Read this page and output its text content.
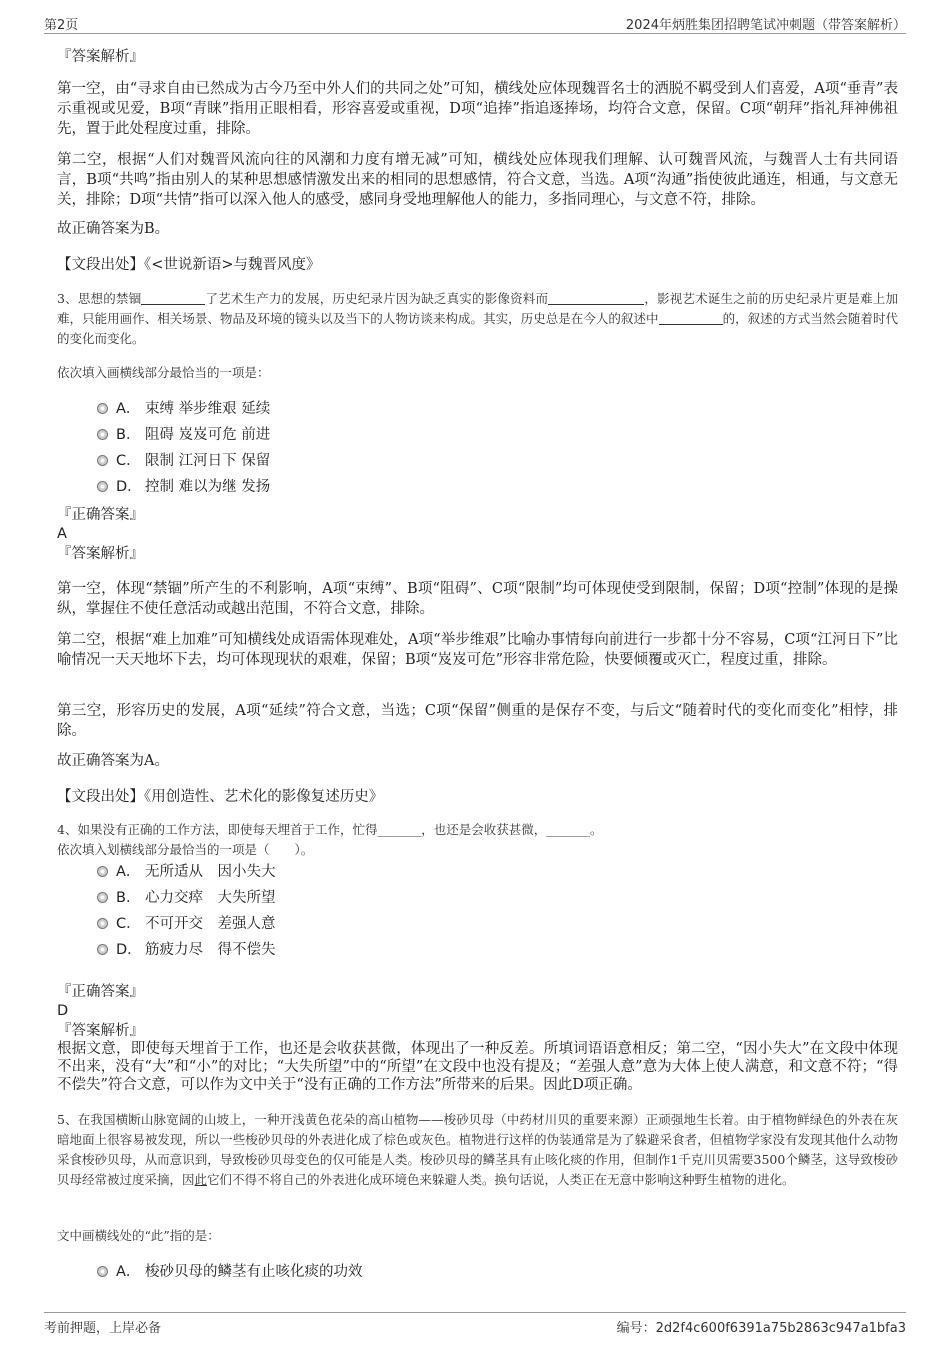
第2页	2024年炳胜集团招聘笔试冲刺题（带答案解析）
『答案解析』
第一空，由“寻求自由已然成为古今乃至中外人们的共同之处”可知，横线处应体现魏晋名士的洒脱不羁受到人们喜爱，A项“垂青”表示重视或见爱，B项“青睐”指用正眼相看，形容喜爱或重视，D项“追捧”指追逐捧场，均符合文意，保留。C项“朝拜”指礼拜神佛祖先，置于此处程度过重，排除。
第二空，根据“人们对魏晋风流向往的风潮和力度有增无减”可知，横线处应体现我们理解、认可魏晋风流，与魏晋人士有共同语言，B项“共鸣”指由别人的某种思想感情激发出来的相同的思想感情，符合文意，当选。A项“沟通”指使彼此通连，相通，与文意无关，排除；D项“共情”指可以深入他人的感受，感同身受地理解他人的能力，多指同理心，与文意不符，排除。
故正确答案为B。
【文段出处】《<世说新语>与魏晋风度》
3、思想的禁锢	了艺术生产力的发展，历史纪录片因为缺乏真实的影像资料而	，影视艺术诞生之前的历史纪录片更是难上加难，只能用画作、相关场景、物品及环境的镜头以及当下的人物访谈来构成。其实，历史总是在今人的叙述中	的，叙述的方式当然会随着时代的变化而变化。
依次填入画横线部分最恰当的一项是：
A． 束缚 举步维艰 延续
B． 阻碍 岌岌可危 前进
C． 限制 江河日下 保留
D． 控制 难以为继 发扬
『正确答案』
A
『答案解析』
第一空，体现“禁锢”所产生的不利影响，A项“束缚”、B项“阻碍”、C项“限制”均可体现使受到限制，保留；D项“控制”体现的是操纵，掌握住不使任意活动或越出范围，不符合文意，排除。
第二空，根据“难上加难”可知横线处成语需体现难处，A项“举步维艰”比喻办事情每向前进行一步都十分不容易，C项“江河日下”比喻情况一天天地坏下去，均可体现现状的艰难，保留；B项“岌岌可危”形容非常危险，快要倾覆或灭亡，程度过重，排除。
第三空，形容历史的发展，A项“延续”符合文意，当选；C项“保留”侧重的是保存不变，与后文“随着时代的变化而变化”相悖，排除。
故正确答案为A。
【文段出处】《用创造性、艺术化的影像复述历史》
4、如果没有正确的工作方法，即使每天埋首于工作，忙得_______，也还是会收获甚微，_______。
依次填入划横线部分最恰当的一项是（　　）。
A． 无所适从　因小失大
B． 心力交瘁　大失所望
C． 不可开交　差强人意
D． 筋疲力尽　得不偿失
『正确答案』
D
『答案解析』
根据文意，即使每天埋首于工作，也还是会收获甚微，体现出了一种反差。所填词语语意相反；第二空，“因小失大”在文段中体现不出来，没有“大”和“小”的对比；“大失所望”中的“所望”在文段中也没有提及；“差强人意”意为大体上使人满意，和文意不符；“得不偿失”符合文意，可以作为文中关于“没有正确的工作方法”所带来的后果。因此D项正确。
5、在我国横断山脉宽阔的山坡上，一种开浅黄色花朵的高山植物——梭砂贝母（中药材川贝的重要来源）正顽强地生长着。由于植物鲜绿色的外表在灰暗地面上很容易被发现，所以一些梭砂贝母的外表进化成了棕色或灰色。植物进行这样的伪装通常是为了躲避采食者，但植物学家没有发现其他什么动物采食梭砂贝母，从而意识到，导致梭砂贝母变色的仅可能是人类。梭砂贝母的鳞茎具有止咳化痰的作用，但制作1千克川贝需要3500个鳞茎，这导致梭砂贝母经常被过度采摘，因此它们不得不将自己的外表进化成环境色来躲避人类。换句话说，人类正在无意中影响这种野生植物的进化。
文中画横线处的“此”指的是：
A． 梭砂贝母的鳞茎有止咳化痰的功效
考前押题，上岸必备	编号：2d2f4c600f6391a75b2863c947a1bfa3
